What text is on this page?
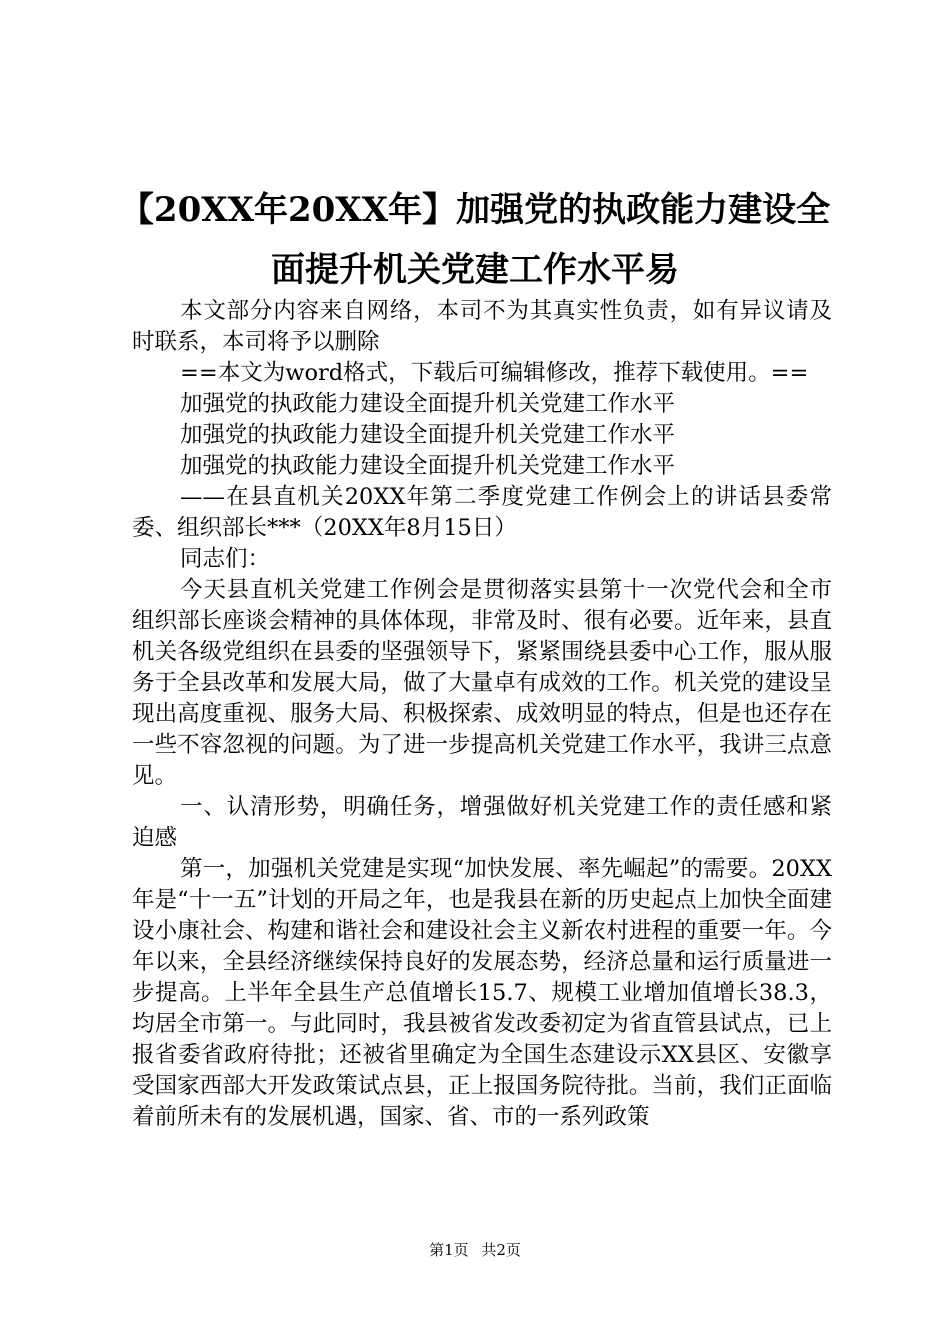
【20XX年20XX年】加强党的执政能力建设全
面提升机关党建工作水平易

本文部分内容来自网络，本司不为其真实性负责，如有异议请及时联系，本司将予以删除

==本文为word格式，下载后可编辑修改，推荐下载使用。==

加强党的执政能力建设全面提升机关党建工作水平

加强党的执政能力建设全面提升机关党建工作水平

加强党的执政能力建设全面提升机关党建工作水平

——在县直机关20XX年第二季度党建工作例会上的讲话县委常委、组织部长***（20XX年8月15日）

同志们：

今天县直机关党建工作例会是贯彻落实县第十一次党代会和全市组织部长座谈会精神的具体体现，非常及时、很有必要。近年来，县直机关各级党组织在县委的坚强领导下，紧紧围绕县委中心工作，服从服务于全县改革和发展大局，做了大量卓有成效的工作。机关党的建设呈现出高度重视、服务大局、积极探索、成效明显的特点，但是也还存在一些不容忽视的问题。为了进一步提高机关党建工作水平，我讲三点意见。

一、认清形势，明确任务，增强做好机关党建工作的责任感和紧迫感

第一，加强机关党建是实现“加快发展、率先崛起”的需要。20XX年是“十一五”计划的开局之年，也是我县在新的历史起点上加快全面建设小康社会、构建和谐社会和建设社会主义新农村进程的重要一年。今年以来，全县经济继续保持良好的发展态势，经济总量和运行质量进一步提高。上半年全县生产总值增长15.7、规模工业增加值增长38.3，均居全市第一。与此同时，我县被省发改委初定为省直管县试点，已上报省委省政府待批；还被省里确定为全国生态建设示XX县区、安徽享受国家西部大开发政策试点县，正上报国务院待批。当前，我们正面临着前所未有的发展机遇，国家、省、市的一系列政策

第1页 共2页
